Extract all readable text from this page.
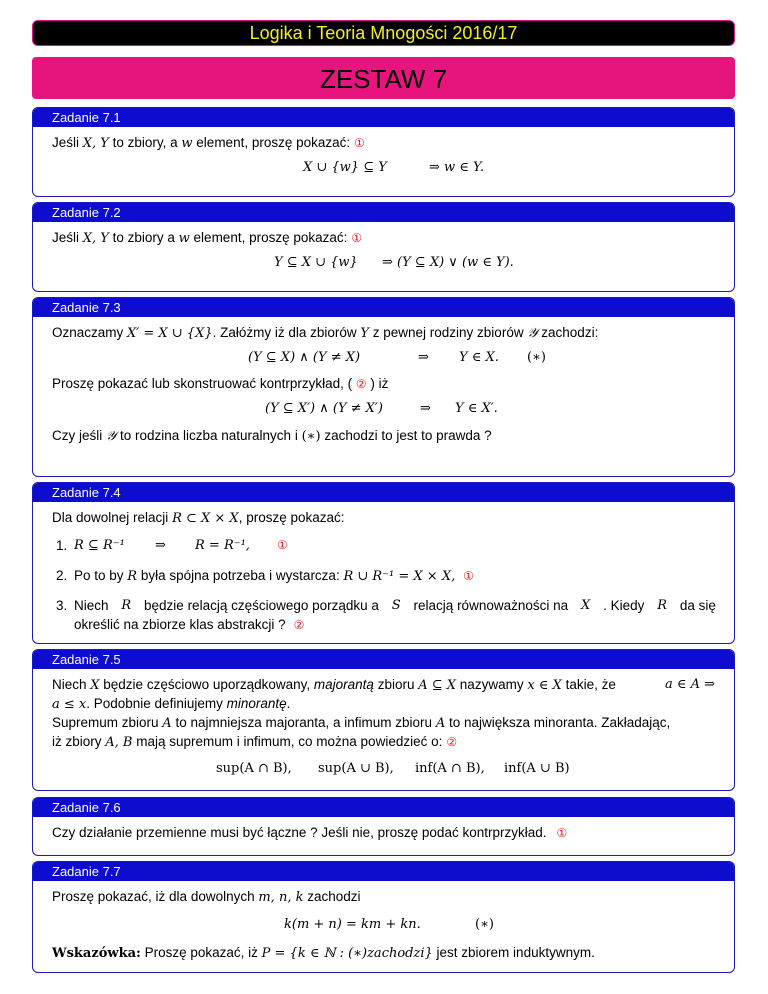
Logika i Teoria Mnogości 2016/17
ZESTAW 7
Zadanie 7.1
Jeśli X, Y to zbiory, a w element, proszę pokazać: ①
X ∪ {w} ⊆ Y	⇒ w ∈ Y.
Zadanie 7.2
Jeśli X, Y to zbiory a w element, proszę pokazać: ①
Y ⊆ X ∪ {w} ⇒ (Y ⊆ X) ∨ (w ∈ Y).
Zadanie 7.3
Oznaczamy X′ = X ∪ {X}. Załóżmy iż dla zbiorów Y z pewnej rodziny zbiorów 𝒴 zachodzi:
(Y ⊆ X) ∧ (Y ≠ X)	⇒ Y ∈ X. (∗)
Proszę pokazać lub skonstruować kontrprzykład, ( ② ) iż
(Y ⊆ X′) ∧ (Y ≠ X′)	⇒ Y ∈ X′.
Czy jeśli 𝒴 to rodzina liczba naturalnych i (∗) zachodzi to jest to prawda ?
Zadanie 7.4
Dla dowolnej relacji R ⊂ X × X, proszę pokazać:
1. R ⊆ R⁻¹ ⇒ R = R⁻¹, ①
2. Po to by R była spójna potrzeba i wystarcza: R ∪ R⁻¹ = X × X, ①
3. Niech R będzie relacją częściowego porządku a S relacją równoważności na X . Kiedy R da się
określić na zbiorze klas abstrakcji ? ②
Zadanie 7.5
Niech X będzie częściowo uporządkowany, majorantą zbioru A ⊆ X nazywamy x ∈ X takie, że	a ∈ A ⇒
a ≤ x. Podobnie definiujemy minorantę.
Supremum zbioru A to najmniejsza majoranta, a infimum zbioru A to największa minoranta. Zakładając,
iż zbiory A, B mają supremum i infimum, co można powiedzieć o: ②
sup(A ∩ B), sup(A ∪ B), inf(A ∩ B), inf(A ∪ B)
Zadanie 7.6
Czy działanie przemienne musi być łączne ? Jeśli nie, proszę podać kontrprzykład. ①
Zadanie 7.7
Proszę pokazać, iż dla dowolnych m, n, k zachodzi
k(m + n) = km + kn.	(∗)
Wskazówka: Proszę pokazać, iż P = {k ∈ ℕ : (∗)zachodzi} jest zbiorem induktywnym.
